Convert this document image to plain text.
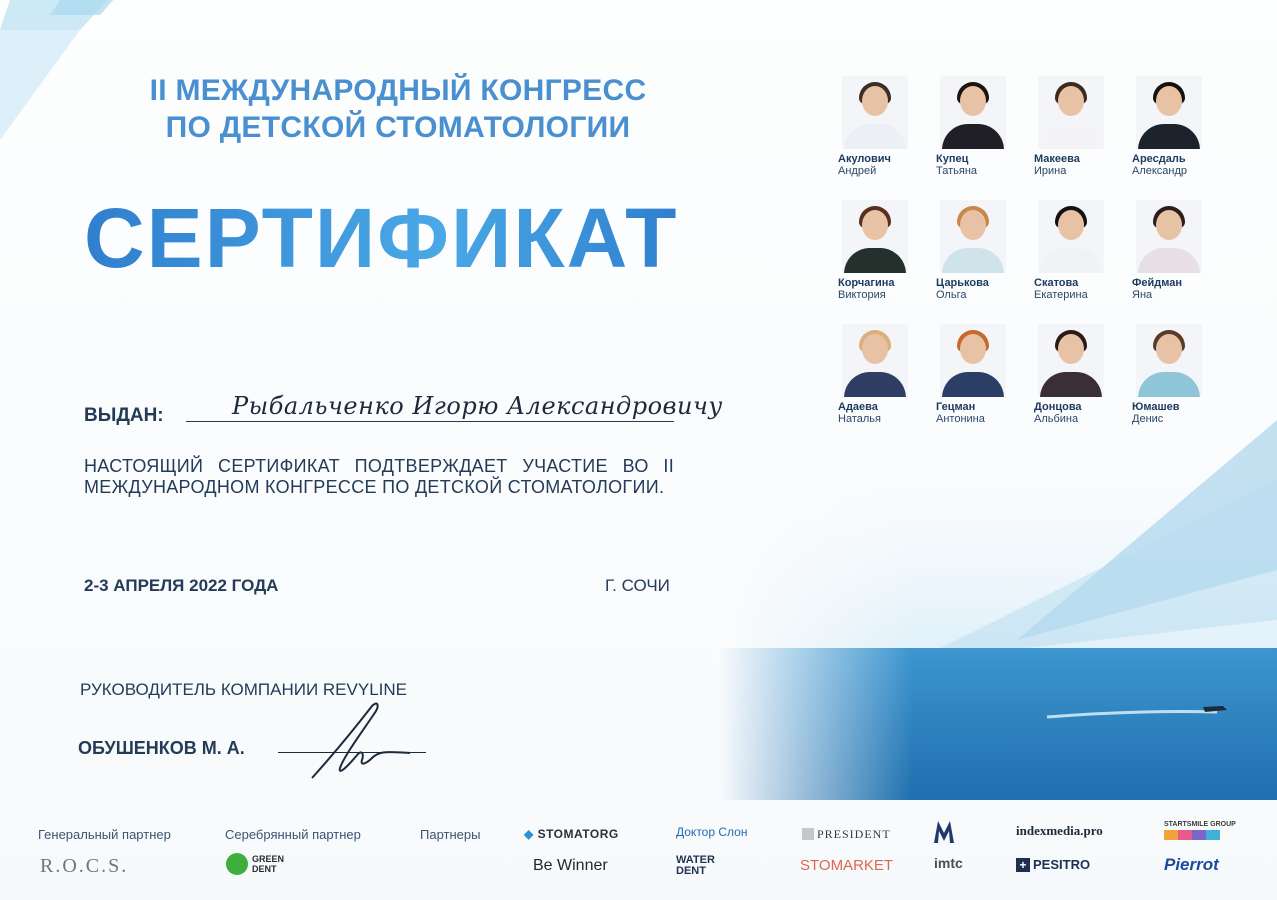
II МЕЖДУНАРОДНЫЙ КОНГРЕСС
ПО ДЕТСКОЙ СТОМАТОЛОГИИ
СЕРТИФИКАТ
ВЫДАН:	Рыбальченко Игорю Александровичу
НАСТОЯЩИЙ СЕРТИФИКАТ ПОДТВЕРЖДАЕТ УЧАСТИЕ ВО II МЕЖДУНАРОДНОМ КОНГРЕССЕ ПО ДЕТСКОЙ СТОМАТОЛОГИИ.
2-3 АПРЕЛЯ 2022 ГОДА	Г. СОЧИ
РУКОВОДИТЕЛЬ КОМПАНИИ REVYLINE
ОБУШЕНКОВ М. А.
Акулович
Андрей
Купец
Татьяна
Макеева
Ирина
Аресдаль
Александр
Корчагина
Виктория
Царькова
Ольга
Скатова
Екатерина
Фейдман
Яна
Адаева
Наталья
Гецман
Антонина
Донцова
Альбина
Юмашев
Денис
Генеральный партнер	Серебрянный партнер	Партнеры
R.O.C.S.	GREEN DENT
◆ STOMATORG
Be Winner
Доктор Слон
WATER DENT
PRESIDENT
STOMARKET	imtc
indexmedia.pro
+ PESITRO
STARTSMILE GROUP
Pierrot
